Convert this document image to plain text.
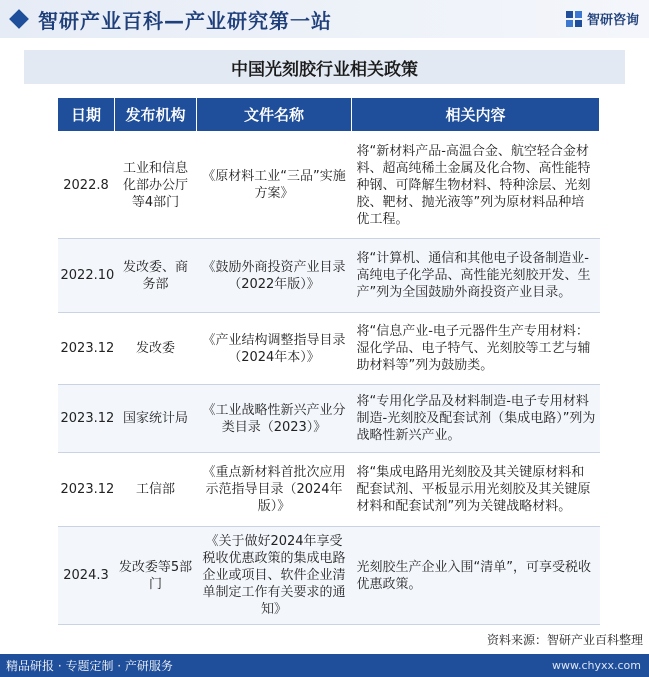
智研产业百科—产业研究第一站	智研咨询
中国光刻胶行业相关政策
日期	发布机构	文件名称	相关内容
2022.8	工业和信息化部办公厅等4部门	《原材料工业“三品”实施方案》	将“新材料产品-高温合金、航空轻合金材料、超高纯稀土金属及化合物、高性能特种钢、可降解生物材料、特种涂层、光刻胶、靶材、抛光液等”列为原材料品种培优工程。
2022.10	发改委、商务部	《鼓励外商投资产业目录（2022年版）》	将“计算机、通信和其他电子设备制造业-高纯电子化学品、高性能光刻胶开发、生产”列为全国鼓励外商投资产业目录。
2023.12	发改委	《产业结构调整指导目录（2024年本）》	将“信息产业-电子元器件生产专用材料：湿化学品、电子特气、光刻胶等工艺与辅助材料等”列为鼓励类。
2023.12	国家统计局	《工业战略性新兴产业分类目录（2023）》	将“专用化学品及材料制造-电子专用材料制造-光刻胶及配套试剂（集成电路）”列为战略性新兴产业。
2023.12	工信部	《重点新材料首批次应用示范指导目录（2024年版）》	将“集成电路用光刻胶及其关键原材料和配套试剂、平板显示用光刻胶及其关键原材料和配套试剂”列为关键战略材料。
2024.3	发改委等5部门	《关于做好2024年享受税收优惠政策的集成电路企业或项目、软件企业清单制定工作有关要求的通知》	光刻胶生产企业入围“清单”，可享受税收优惠政策。
资料来源：智研产业百科整理
精品研报 · 专题定制 · 产研服务	www.chyxx.com
